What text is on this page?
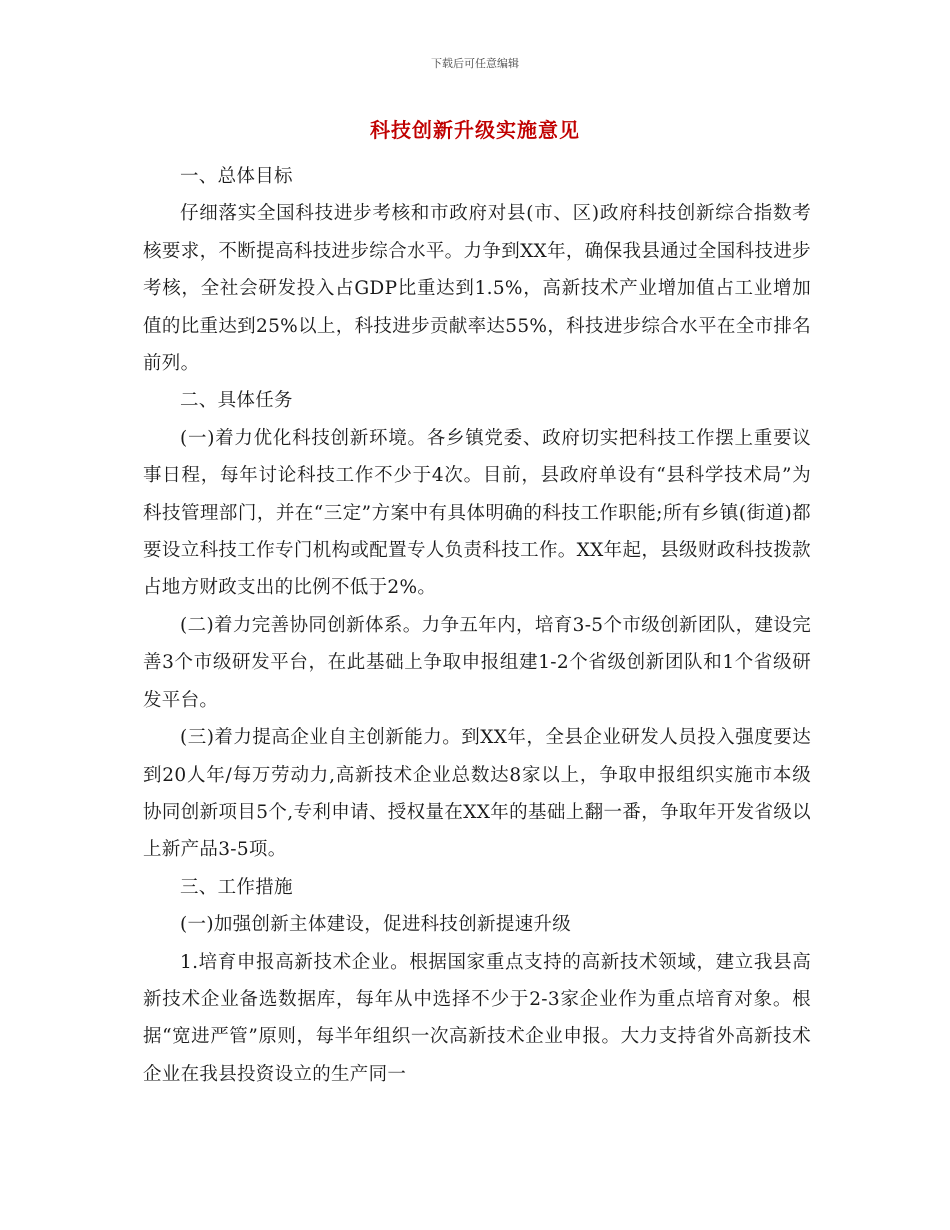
下载后可任意编辑
科技创新升级实施意见

一、总体目标

仔细落实全国科技进步考核和市政府对县(市、区)政府科技创新综合指数考核要求，不断提高科技进步综合水平。力争到XX年，确保我县通过全国科技进步考核，全社会研发投入占GDP比重达到1.5%，高新技术产业增加值占工业增加值的比重达到25%以上，科技进步贡献率达55%，科技进步综合水平在全市排名前列。

二、具体任务

(一)着力优化科技创新环境。各乡镇党委、政府切实把科技工作摆上重要议事日程，每年讨论科技工作不少于4次。目前，县政府单设有“县科学技术局”为科技管理部门，并在“三定”方案中有具体明确的科技工作职能;所有乡镇(街道)都要设立科技工作专门机构或配置专人负责科技工作。XX年起，县级财政科技拨款占地方财政支出的比例不低于2%。

(二)着力完善协同创新体系。力争五年内，培育3-5个市级创新团队，建设完善3个市级研发平台，在此基础上争取申报组建1-2个省级创新团队和1个省级研发平台。

(三)着力提高企业自主创新能力。到XX年，全县企业研发人员投入强度要达到20人年/每万劳动力,高新技术企业总数达8家以上，争取申报组织实施市本级协同创新项目5个,专利申请、授权量在XX年的基础上翻一番，争取年开发省级以上新产品3-5项。

三、工作措施

(一)加强创新主体建设，促进科技创新提速升级

1.培育申报高新技术企业。根据国家重点支持的高新技术领域，建立我县高新技术企业备选数据库，每年从中选择不少于2-3家企业作为重点培育对象。根据“宽进严管”原则，每半年组织一次高新技术企业申报。大力支持省外高新技术企业在我县投资设立的生产同一
